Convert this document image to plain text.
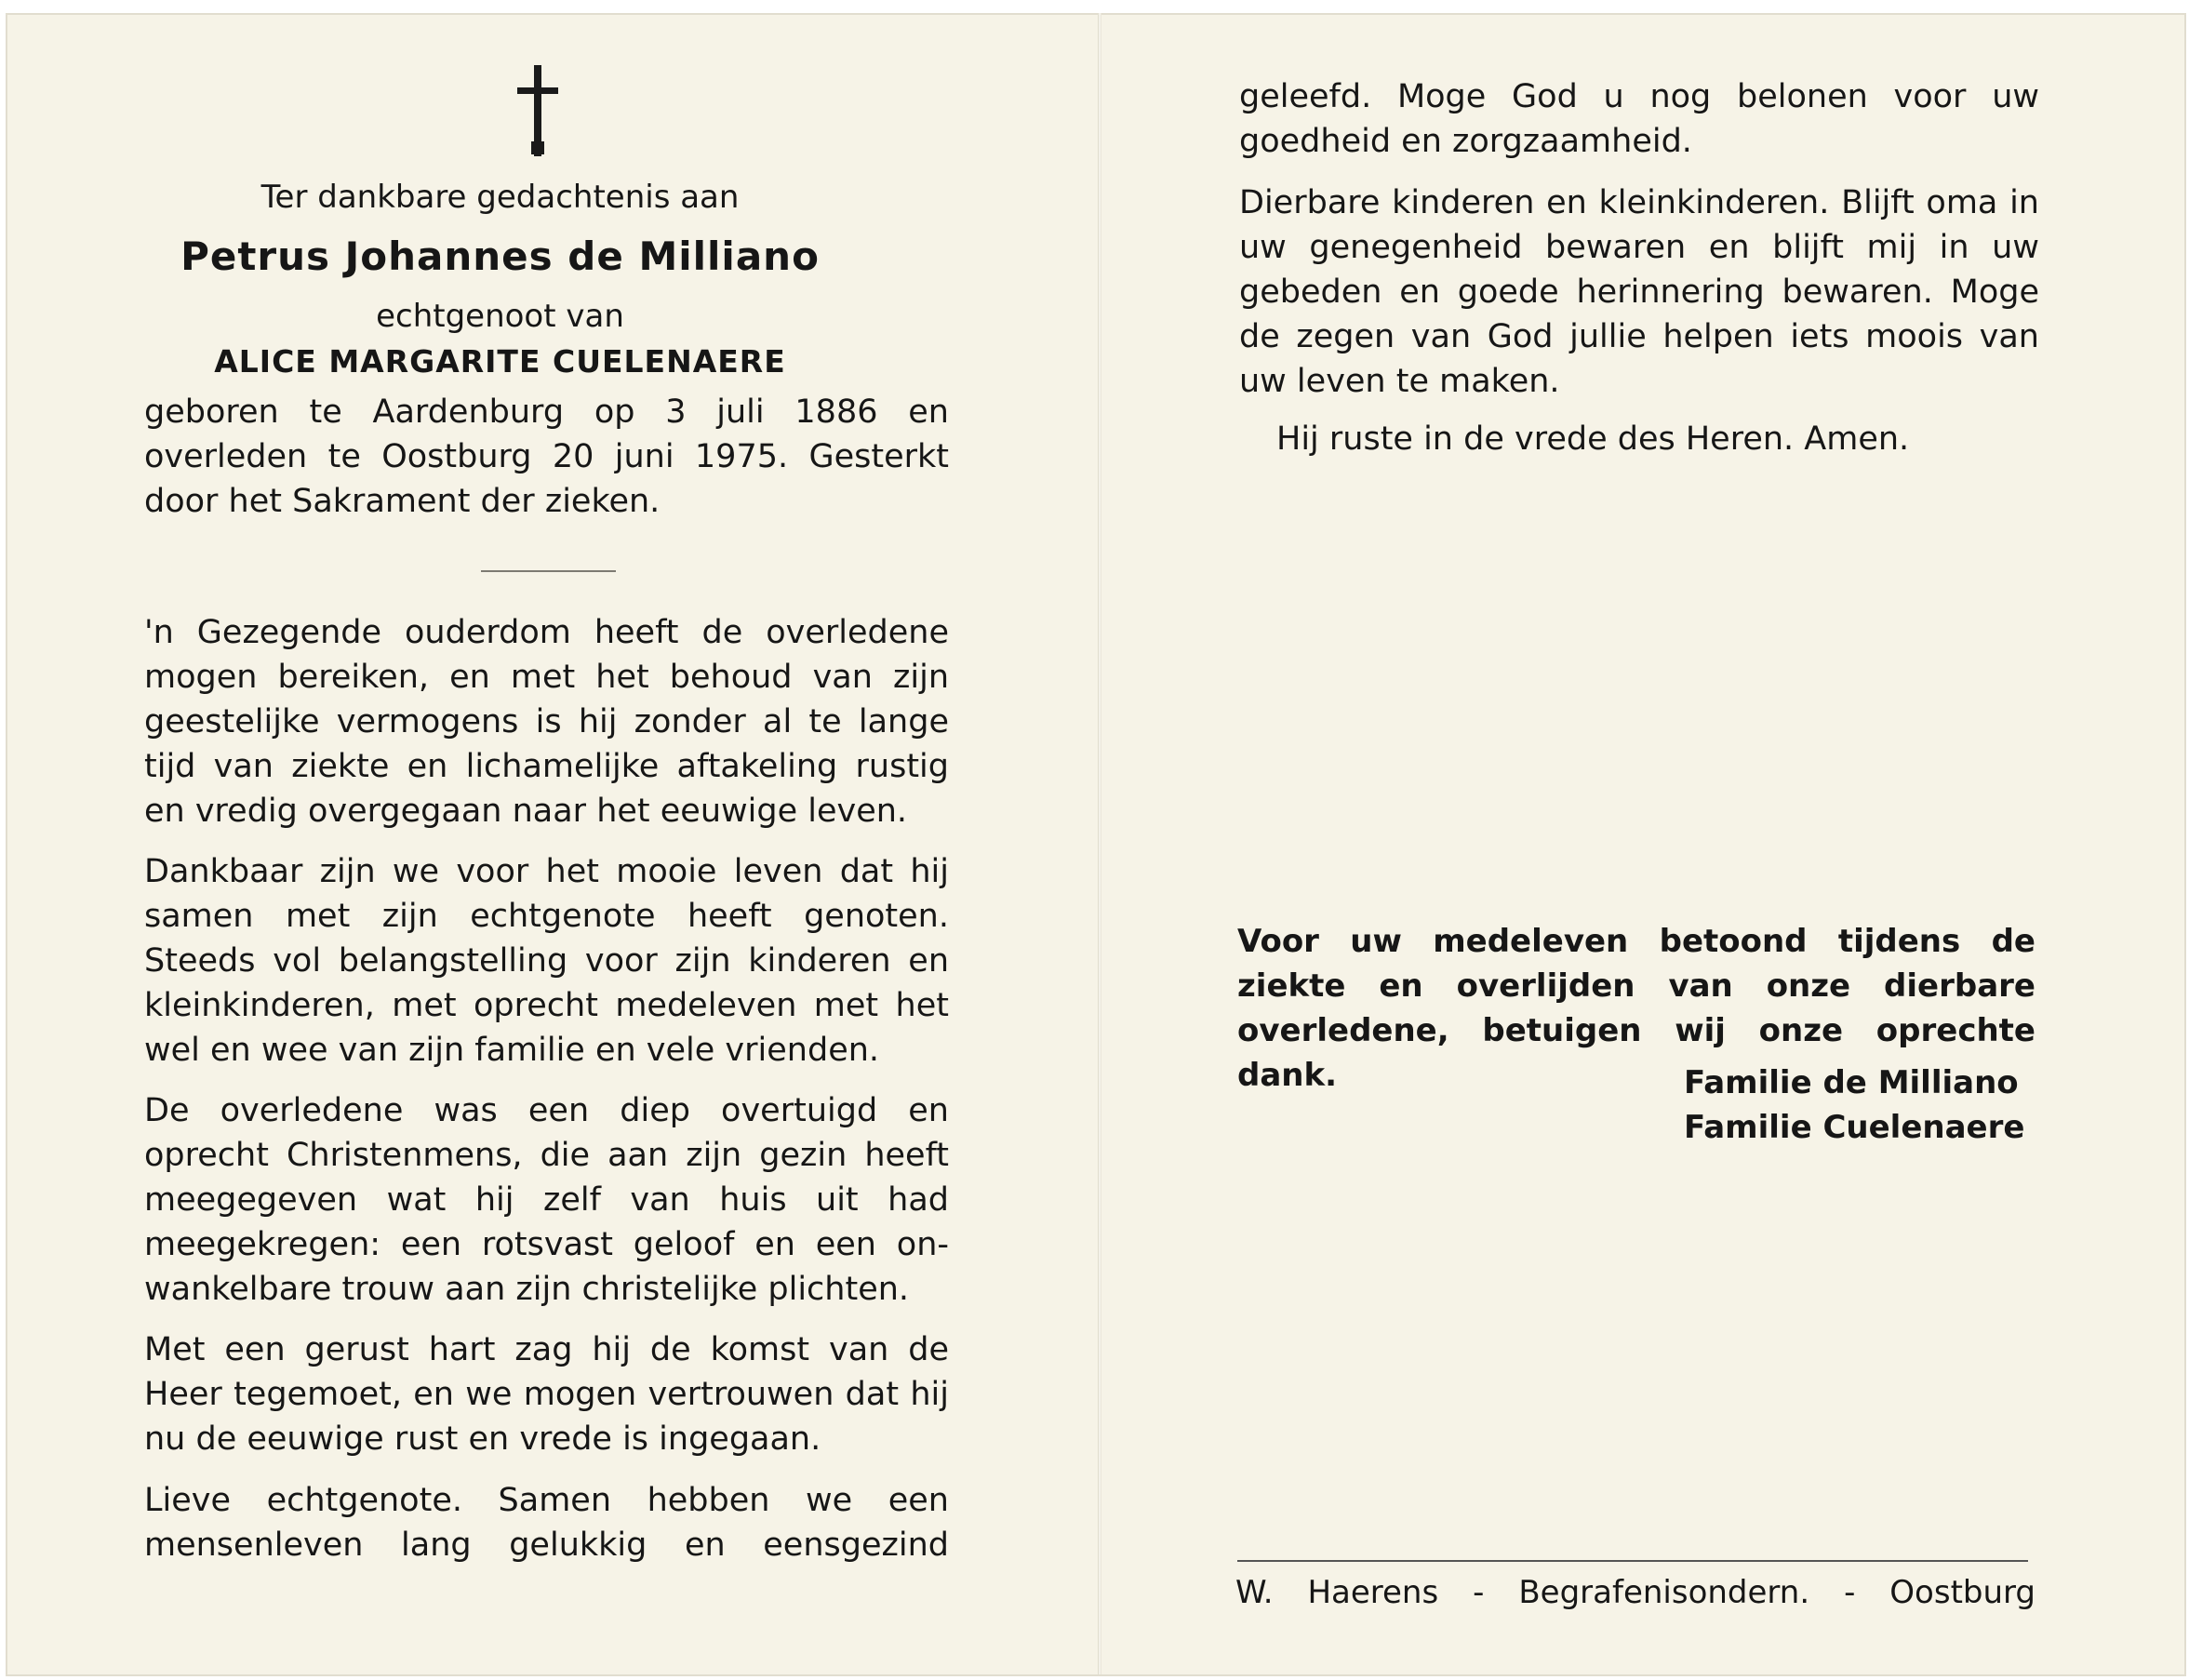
Ter dankbare gedachtenis aan
Petrus Johannes de Milliano
echtgenoot van
ALICE MARGARITE CUELENAERE

geboren te Aardenburg op 3 juli 1886 en overleden te Oostburg 20 juni 1975. Gesterkt door het Sakrament der zieken.

'n Gezegende ouderdom heeft de overledene mogen bereiken, en met het behoud van zijn geestelijke vermogens is hij zonder al te lange tijd van ziekte en lichamelijke aftakeling rustig en vredig overgegaan naar het eeuwige leven.

Dankbaar zijn we voor het mooie leven dat hij samen met zijn echtgenote heeft genoten. Steeds vol belangstelling voor zijn kinderen en kleinkinderen, met oprecht medeleven met het wel en wee van zijn familie en vele vrienden.

De overledene was een diep overtuigd en oprecht Christenmens, die aan zijn gezin heeft meegegeven wat hij zelf van huis uit had meegekregen: een rotsvast geloof en een on-wankelbare trouw aan zijn christelijke plichten.

Met een gerust hart zag hij de komst van de Heer tegemoet, en we mogen vertrouwen dat hij nu de eeuwige rust en vrede is ingegaan.

Lieve echtgenote. Samen hebben we een mensenleven lang gelukkig en eensgezind

geleefd. Moge God u nog belonen voor uw goedheid en zorgzaamheid.

Dierbare kinderen en kleinkinderen. Blijft oma in uw genegenheid bewaren en blijft mij in uw gebeden en goede herinnering bewaren. Moge de zegen van God jullie helpen iets moois van uw leven te maken.

Hij ruste in de vrede des Heren. Amen.

Voor uw medeleven betoond tijdens de ziekte en overlijden van onze dierbare overledene, betuigen wij onze oprechte dank.	Familie de Milliano
Familie Cuelenaere
W. Haerens - Begrafenisondern. - Oostburg
